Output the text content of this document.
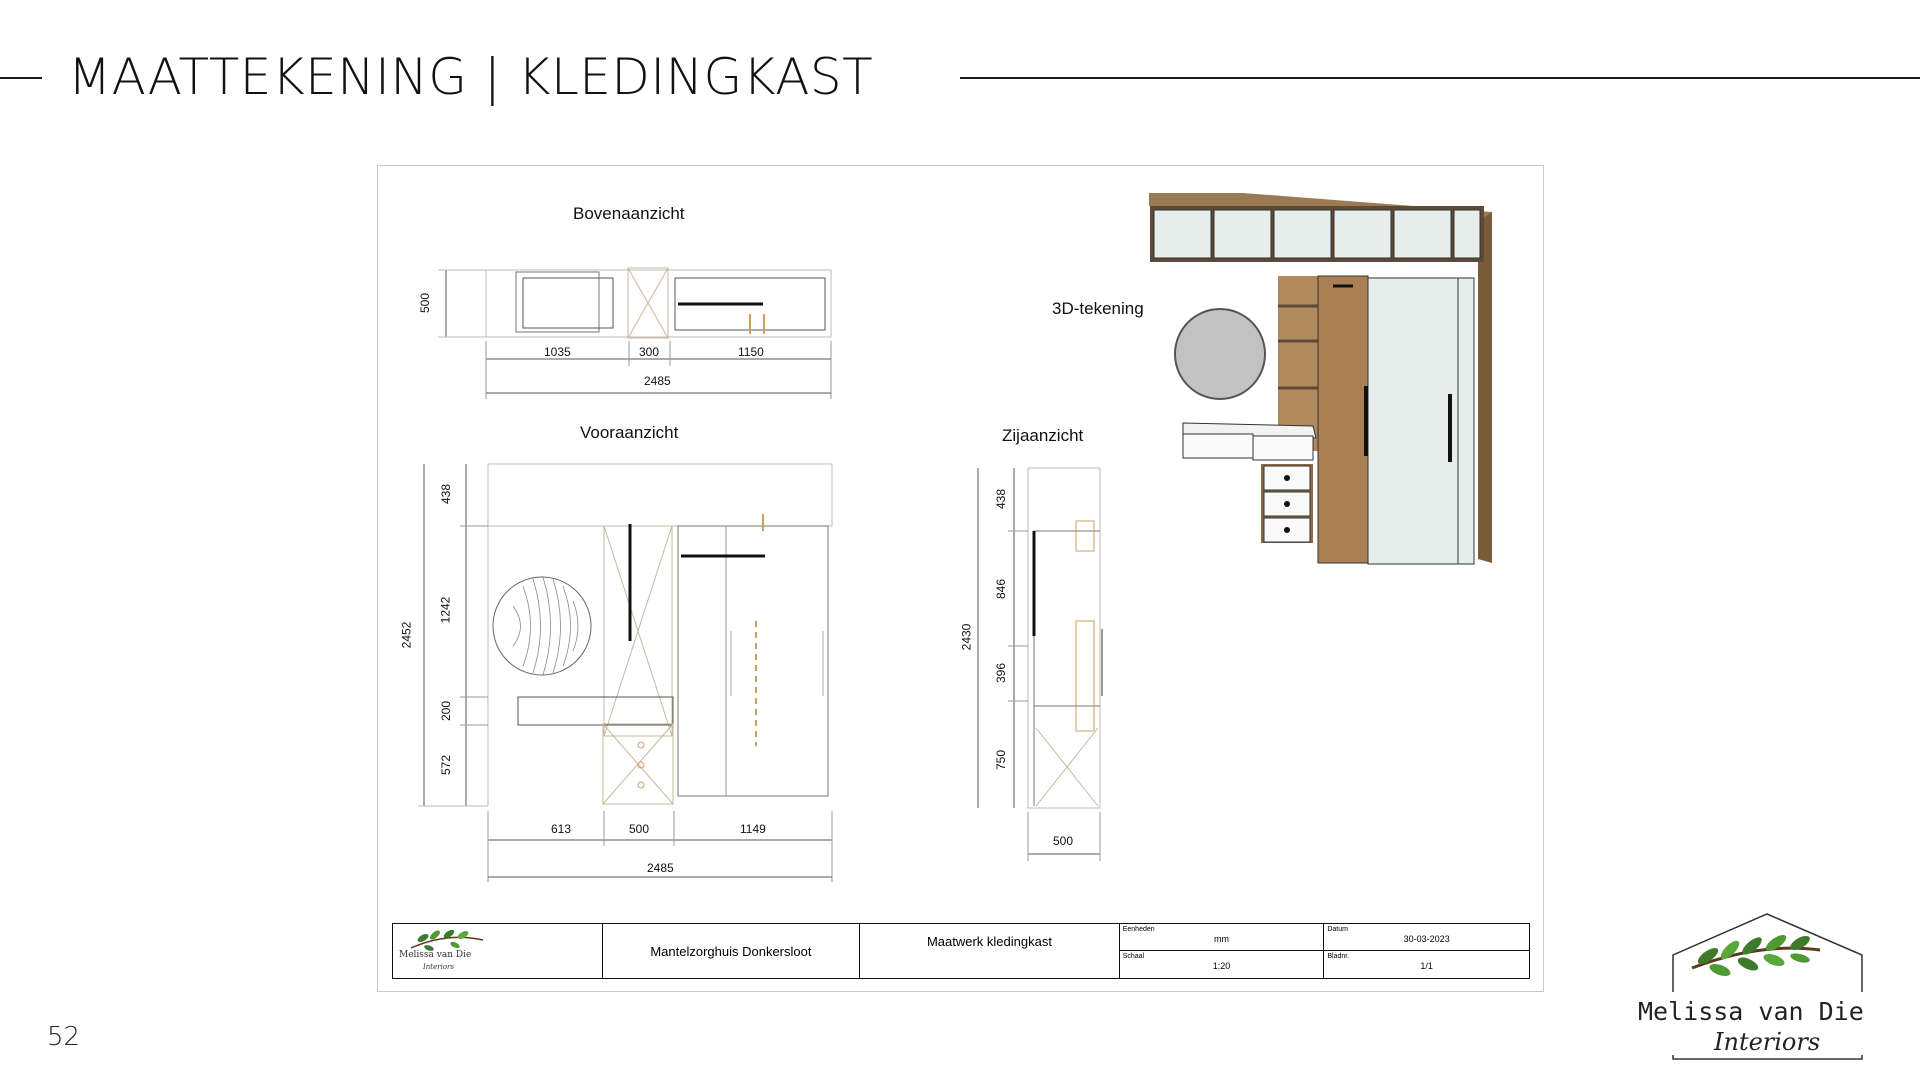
MAATTEKENING | KLEDINGKAST
Bovenaanzicht
500
1035	300	1150
2485
Vooraanzicht
438
1242
200
572
2452
613	500	1149
2485
Zijaanzicht
438
846
396
750
2430
500
3D-tekening
Melissa van Die
Interiors
Mantelzorghuis Donkersloot
Maatwerk kledingkast
Eenheden
mm
Schaal
1:20
Datum
30-03-2023
Bladnr.
1/1
52
Melissa van Die
Interiors
